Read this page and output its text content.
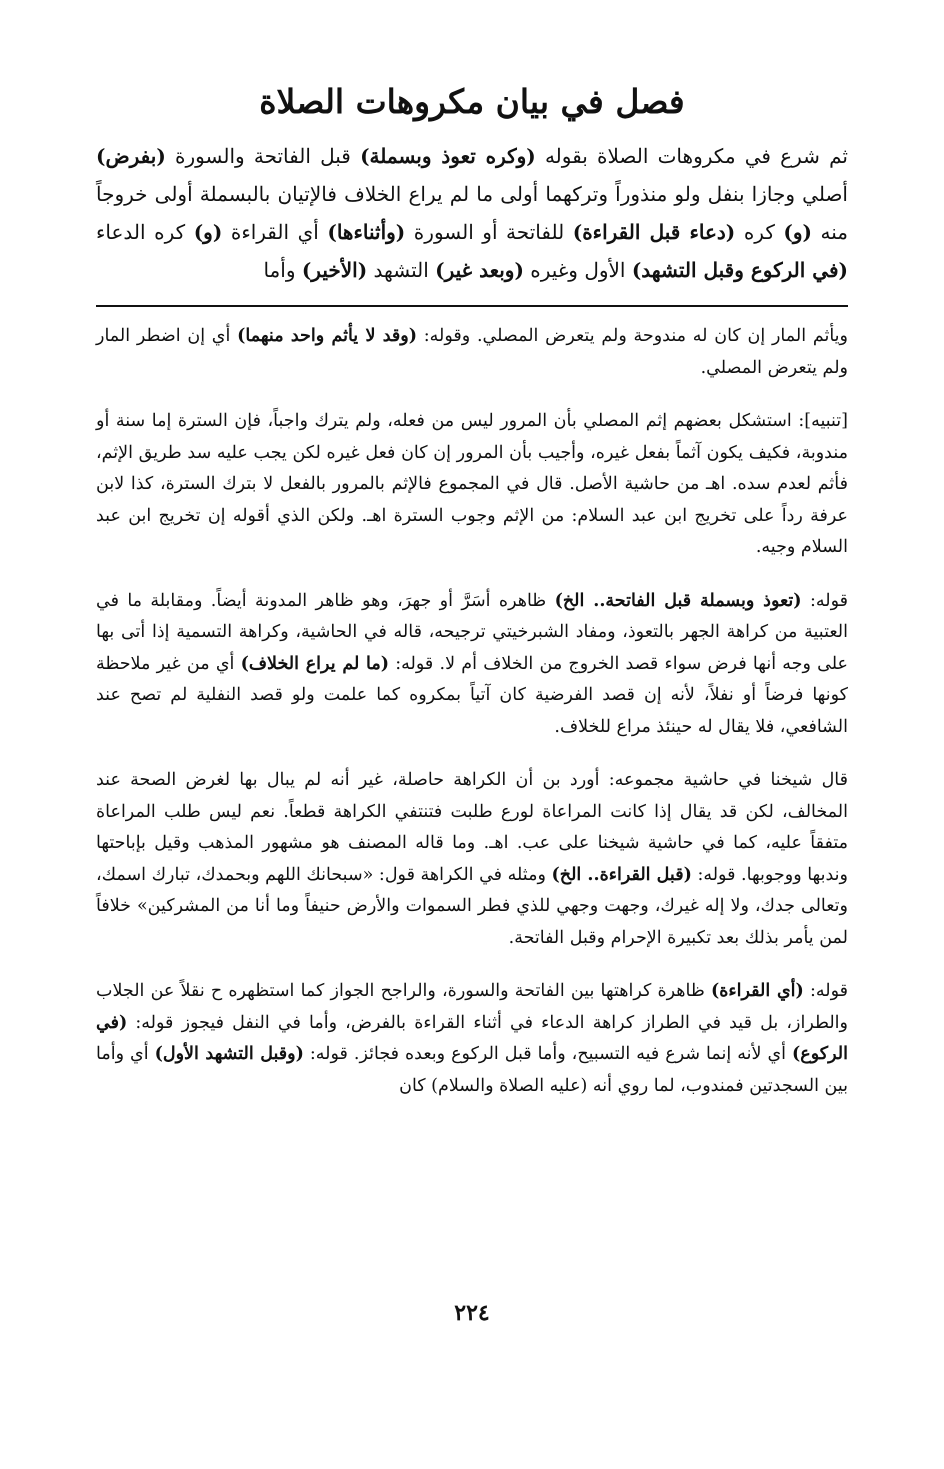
فصل في بيان مكروهات الصلاة

ثم شرع في مكروهات الصلاة بقوله (وكره تعوذ وبسملة) قبل الفاتحة والسورة (بفرض) أصلي وجازا بنفل ولو منذوراً وتركهما أولى ما لم يراع الخلاف فالإتيان بالبسملة أولى خروجاً منه (و) كره (دعاء قبل القراءة) للفاتحة أو السورة (وأثناءها) أي القراءة (و) كره الدعاء (في الركوع وقبل التشهد) الأول وغيره (وبعد غير) التشهد (الأخير) وأما

ويأثم المار إن كان له مندوحة ولم يتعرض المصلي. وقوله: (وقد لا يأثم واحد منهما) أي إن اضطر المار ولم يتعرض المصلي.

[تنبيه]: استشكل بعضهم إثم المصلي بأن المرور ليس من فعله، ولم يترك واجباً، فإن السترة إما سنة أو مندوبة، فكيف يكون آثماً بفعل غيره، وأجيب بأن المرور إن كان فعل غيره لكن يجب عليه سد طريق الإثم، فأثم لعدم سده. اهـ من حاشية الأصل. قال في المجموع فالإثم بالمرور بالفعل لا بترك السترة، كذا لابن عرفة رداً على تخريج ابن عبد السلام: من الإثم وجوب السترة اهـ. ولكن الذي أقوله إن تخريج ابن عبد السلام وجيه.

قوله: (تعوذ وبسملة قبل الفاتحة.. الخ) ظاهره أسَرَّ أو جهرَ، وهو ظاهر المدونة أيضاً. ومقابلة ما في العتبية من كراهة الجهر بالتعوذ، ومفاد الشبرخيتي ترجيحه، قاله في الحاشية، وكراهة التسمية إذا أتى بها على وجه أنها فرض سواء قصد الخروج من الخلاف أم لا. قوله: (ما لم يراع الخلاف) أي من غير ملاحظة كونها فرضاً أو نفلاً، لأنه إن قصد الفرضية كان آتياً بمكروه كما علمت ولو قصد النفلية لم تصح عند الشافعي، فلا يقال له حينئذ مراع للخلاف.

قال شيخنا في حاشية مجموعه: أورد بن أن الكراهة حاصلة، غير أنه لم يبال بها لغرض الصحة عند المخالف، لكن قد يقال إذا كانت المراعاة لورع طلبت فتنتفي الكراهة قطعاً. نعم ليس طلب المراعاة متفقاً عليه، كما في حاشية شيخنا على عب. اهـ. وما قاله المصنف هو مشهور المذهب وقيل بإباحتها وندبها ووجوبها. قوله: (قبل القراءة.. الخ) ومثله في الكراهة قول: «سبحانك اللهم وبحمدك، تبارك اسمك، وتعالى جدك، ولا إله غيرك، وجهت وجهي للذي فطر السموات والأرض حنيفاً وما أنا من المشركين» خلافاً لمن يأمر بذلك بعد تكبيرة الإحرام وقبل الفاتحة.

قوله: (أي القراءة) ظاهرة كراهتها بين الفاتحة والسورة، والراجح الجواز كما استظهره ح نقلاً عن الجلاب والطراز، بل قيد في الطراز كراهة الدعاء في أثناء القراءة بالفرض، وأما في النفل فيجوز قوله: (في الركوع) أي لأنه إنما شرع فيه التسبيح، وأما قبل الركوع وبعده فجائز. قوله: (وقبل التشهد الأول) أي وأما بين السجدتين فمندوب، لما روي أنه (عليه الصلاة والسلام) كان

٢٢٤
